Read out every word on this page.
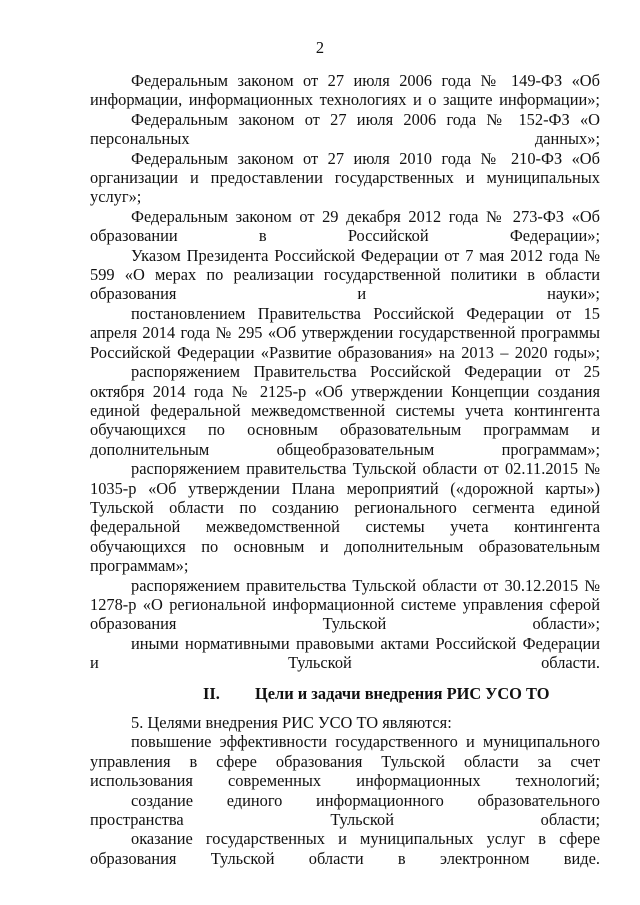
2

Федеральным законом от 27 июля 2006 года № 149-ФЗ «Об информации, информационных технологиях и о защите информации»;

Федеральным законом от 27 июля 2006 года № 152-ФЗ «О персональных данных»;

Федеральным законом от 27 июля 2010 года № 210-ФЗ «Об организации и предоставлении государственных и муниципальных услуг»;

Федеральным законом от 29 декабря 2012 года № 273-ФЗ «Об образовании в Российской Федерации»;

Указом Президента Российской Федерации от 7 мая 2012 года № 599 «О мерах по реализации государственной политики в области образования и науки»;

постановлением Правительства Российской Федерации от 15 апреля 2014 года № 295 «Об утверждении государственной программы Российской Федерации «Развитие образования» на 2013 – 2020 годы»;

распоряжением Правительства Российской Федерации от 25 октября 2014 года № 2125-р «Об утверждении Концепции создания единой федеральной межведомственной системы учета контингента обучающихся по основным образовательным программам и дополнительным общеобразовательным программам»;

распоряжением правительства Тульской области от 02.11.2015 № 1035-р «Об утверждении Плана мероприятий («дорожной карты») Тульской области по созданию регионального сегмента единой федеральной межведомственной системы учета контингента обучающихся по основным и дополнительным образовательным программам»;

распоряжением правительства Тульской области от 30.12.2015 № 1278-р «О региональной информационной системе управления сферой образования Тульской области»;

иными нормативными правовыми актами Российской Федерации и Тульской области.

II. Цели и задачи внедрения РИС УСО ТО

5. Целями внедрения РИС УСО ТО являются:

повышение эффективности государственного и муниципального управления в сфере образования Тульской области за счет использования современных информационных технологий;

создание единого информационного образовательного пространства Тульской области;

оказание государственных и муниципальных услуг в сфере образования Тульской области в электронном виде.
